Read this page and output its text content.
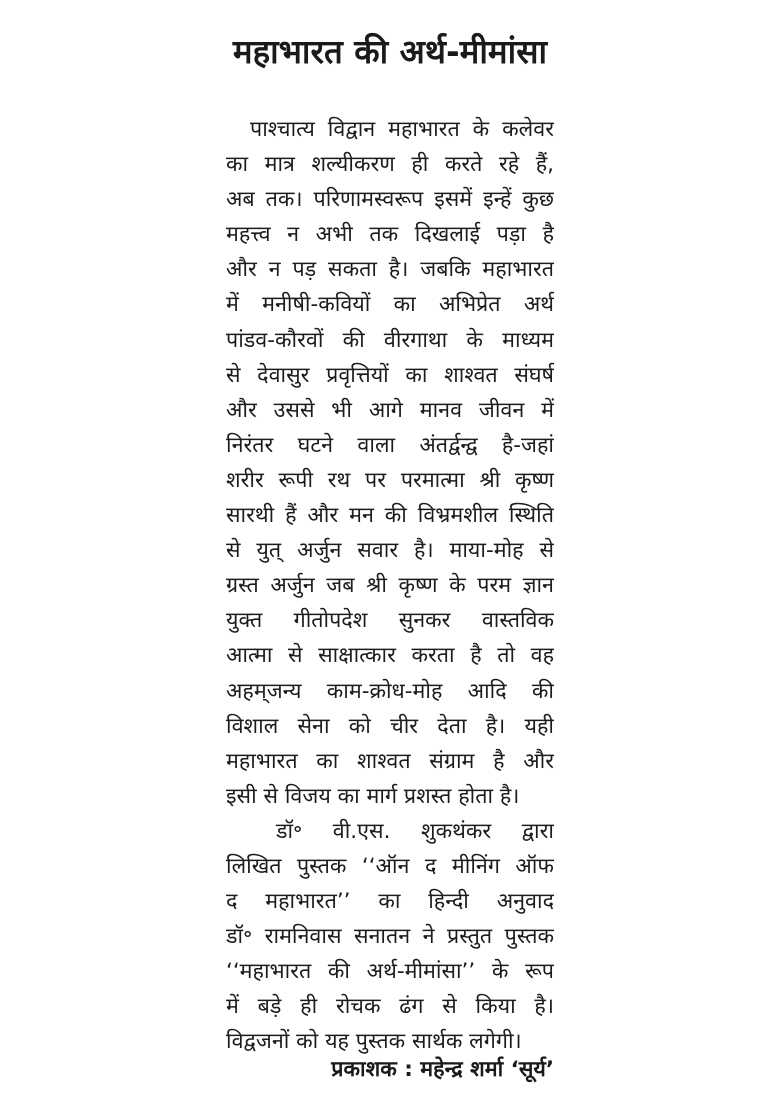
महाभारत की अर्थ-मीमांसा
पाश्चात्य विद्वान महाभारत के कलेवर
का मात्र शल्यीकरण ही करते रहे हैं,
अब तक। परिणामस्वरूप इसमें इन्हें कुछ
महत्त्व न अभी तक दिखलाई पड़ा है
और न पड़ सकता है। जबकि महाभारत
में मनीषी-कवियों का अभिप्रेत अर्थ
पांडव-कौरवों की वीरगाथा के माध्यम
से देवासुर प्रवृत्तियों का शाश्वत संघर्ष
और उससे भी आगे मानव जीवन में
निरंतर घटने वाला अंतर्द्वन्द्व है-जहां
शरीर रूपी रथ पर परमात्मा श्री कृष्ण
सारथी हैं और मन की विभ्रमशील स्थिति
से युत् अर्जुन सवार है। माया-मोह से
ग्रस्त अर्जुन जब श्री कृष्ण के परम ज्ञान
युक्त गीतोपदेश सुनकर वास्तविक
आत्मा से साक्षात्कार करता है तो वह
अहम्‌जन्य काम-क्रोध-मोह आदि की
विशाल सेना को चीर देता है। यही
महाभारत का शाश्वत संग्राम है और
इसी से विजय का मार्ग प्रशस्त होता है।
डॉ॰ वी.एस. शुकथंकर द्वारा
लिखित पुस्तक ‘‘ऑन द मीनिंग ऑफ
द महाभारत’’ का हिन्दी अनुवाद
डॉ॰ रामनिवास सनातन ने प्रस्तुत पुस्तक
‘‘महाभारत की अर्थ-मीमांसा’’ के रूप
में बड़े ही रोचक ढंग से किया है।
विद्वजनों को यह पुस्तक सार्थक लगेगी।

प्रकाशक : महेन्द्र शर्मा ‘सूर्य’
